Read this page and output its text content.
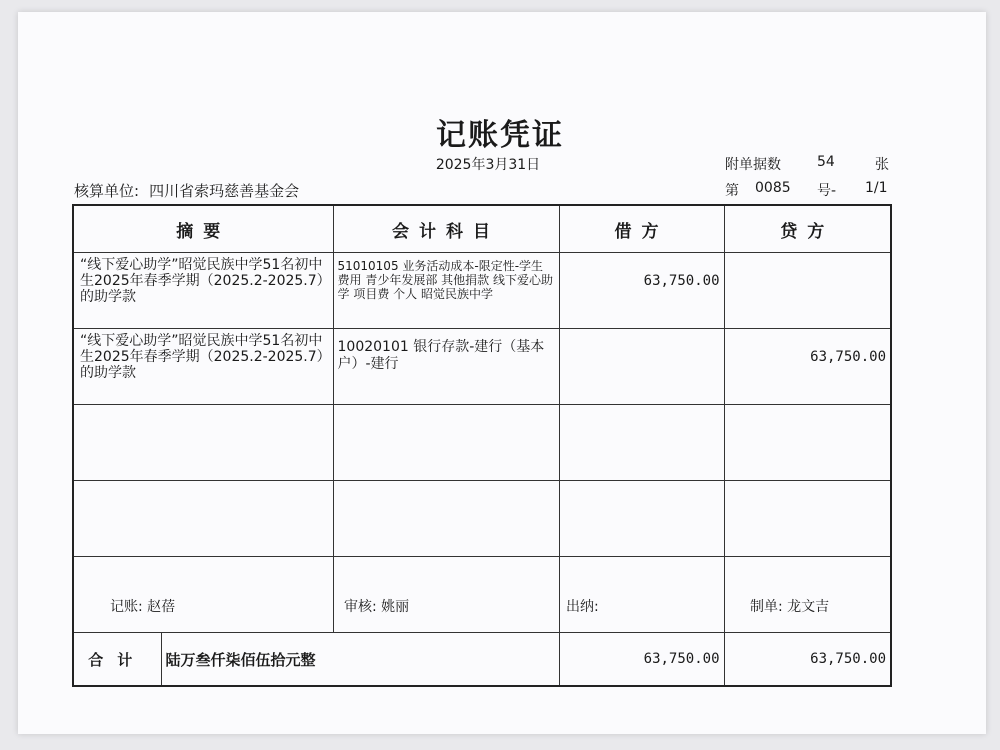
记账凭证
2025年3月31日	附单据数	54	张
第 0085 号- 1/1
核算单位: 四川省索玛慈善基金会
摘要		会计科目	借方	贷方
“线下爱心助学”昭觉民族中学51名初中生2025年春季学期（2025.2-2025.7）的助学款		51010105 业务活动成本-限定性-学生费用 青少年发展部 其他捐款 线下爱心助学 项目费 个人 昭觉民族中学	63,750.00	
“线下爱心助学”昭觉民族中学51名初中生2025年春季学期（2025.2-2025.7）的助学款		10020101 银行存款-建行（基本户）-建行		63,750.00

合计	陆万叁仟柒佰伍拾元整		63,750.00	63,750.00
记账: 赵蓓	审核: 姚丽	出纳:	制单: 龙文吉
